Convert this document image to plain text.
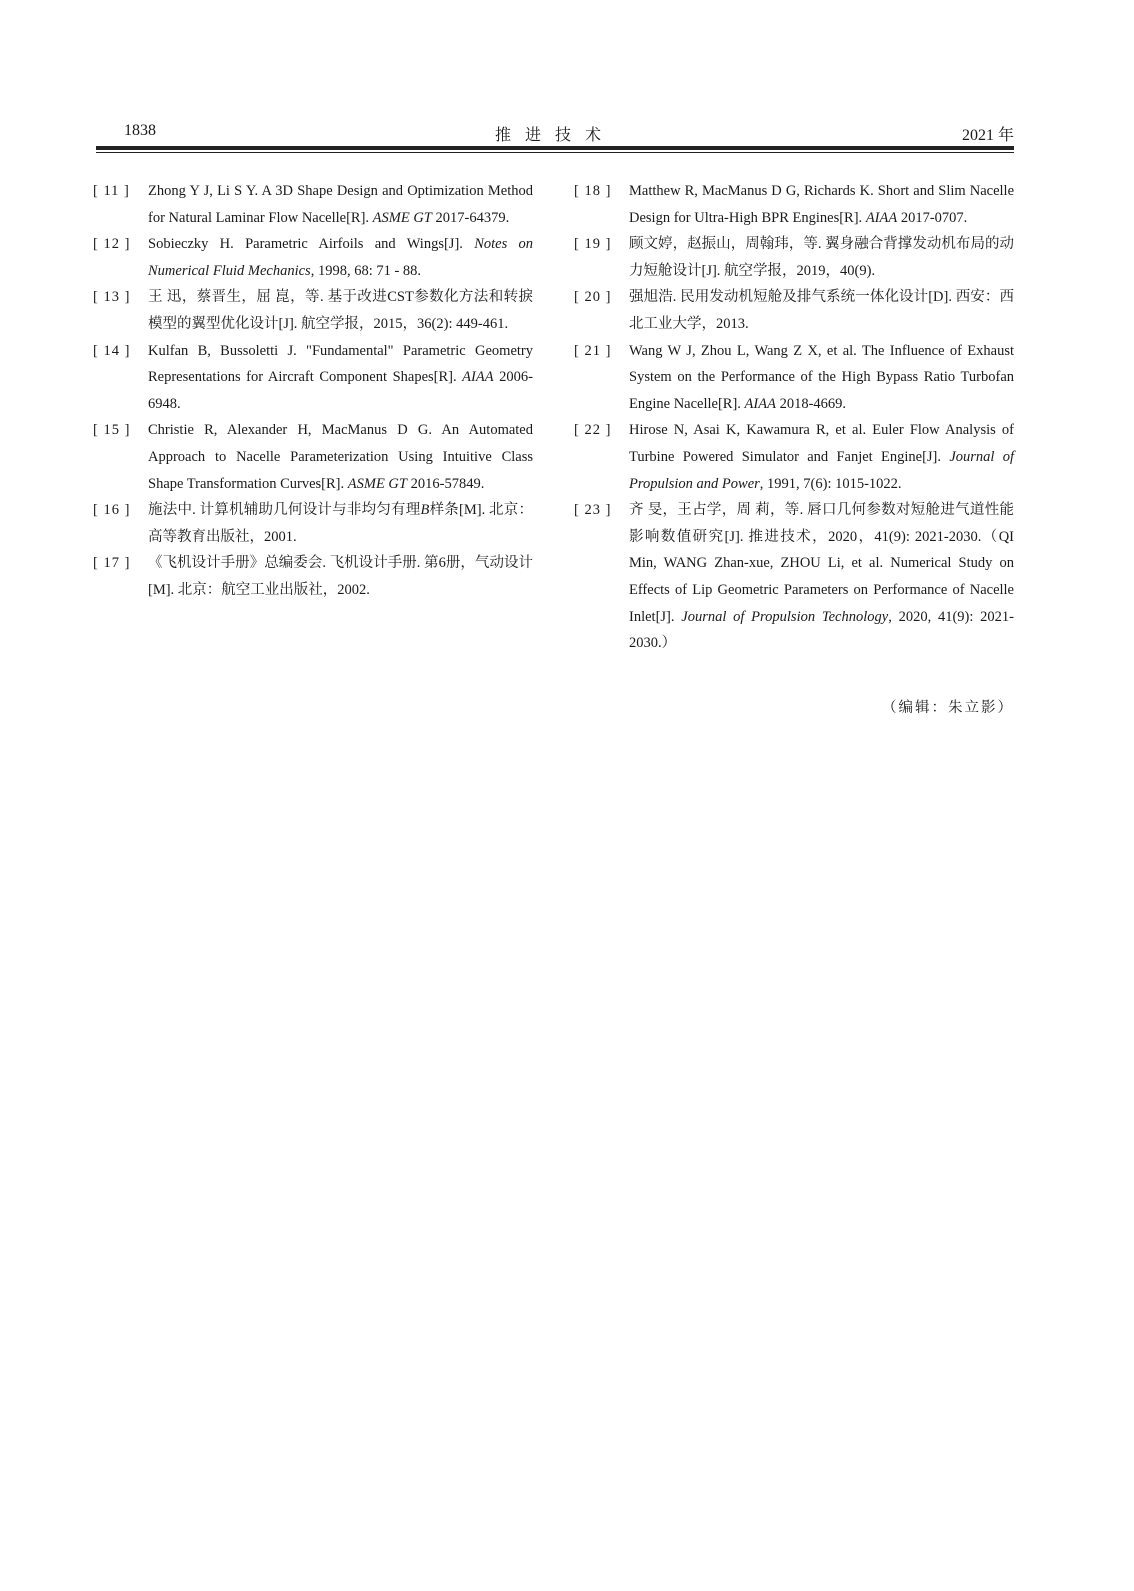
1838	推进技术	2021 年
[ 11 ] Zhong Y J, Li S Y. A 3D Shape Design and Optimization Method for Natural Laminar Flow Nacelle[R]. ASME GT 2017-64379.
[ 12 ] Sobieczky H. Parametric Airfoils and Wings[J]. Notes on Numerical Fluid Mechanics, 1998, 68: 71 - 88.
[ 13 ] 王 迅，蔡晋生，屈 崑，等. 基于改进CST参数化方法和转捩模型的翼型优化设计[J]. 航空学报，2015，36(2): 449-461.
[ 14 ] Kulfan B, Bussoletti J. "Fundamental" Parametric Geometry Representations for Aircraft Component Shapes[R]. AIAA 2006-6948.
[ 15 ] Christie R, Alexander H, MacManus D G. An Automated Approach to Nacelle Parameterization Using Intuitive Class Shape Transformation Curves[R]. ASME GT 2016-57849.
[ 16 ] 施法中. 计算机辅助几何设计与非均匀有理B样条[M]. 北京：高等教育出版社，2001.
[ 17 ] 《飞机设计手册》总编委会. 飞机设计手册. 第6册，气动设计[M]. 北京：航空工业出版社，2002.
[ 18 ] Matthew R, MacManus D G, Richards K. Short and Slim Nacelle Design for Ultra-High BPR Engines[R]. AIAA 2017-0707.
[ 19 ] 顾文婷，赵振山，周翰玮，等. 翼身融合背撑发动机布局的动力短舱设计[J]. 航空学报，2019，40(9).
[ 20 ] 强旭浩. 民用发动机短舱及排气系统一体化设计[D]. 西安：西北工业大学，2013.
[ 21 ] Wang W J, Zhou L, Wang Z X, et al. The Influence of Exhaust System on the Performance of the High Bypass Ratio Turbofan Engine Nacelle[R]. AIAA 2018-4669.
[ 22 ] Hirose N, Asai K, Kawamura R, et al. Euler Flow Analysis of Turbine Powered Simulator and Fanjet Engine[J]. Journal of Propulsion and Power, 1991, 7(6): 1015-1022.
[ 23 ] 齐 旻，王占学，周 莉，等. 唇口几何参数对短舱进气道性能影响数值研究[J]. 推进技术，2020，41(9): 2021-2030.（QI Min, WANG Zhan-xue, ZHOU Li, et al. Numerical Study on Effects of Lip Geometric Parameters on Performance of Nacelle Inlet[J]. Journal of Propulsion Technology, 2020, 41(9): 2021-2030.）
（编辑：朱立影）
